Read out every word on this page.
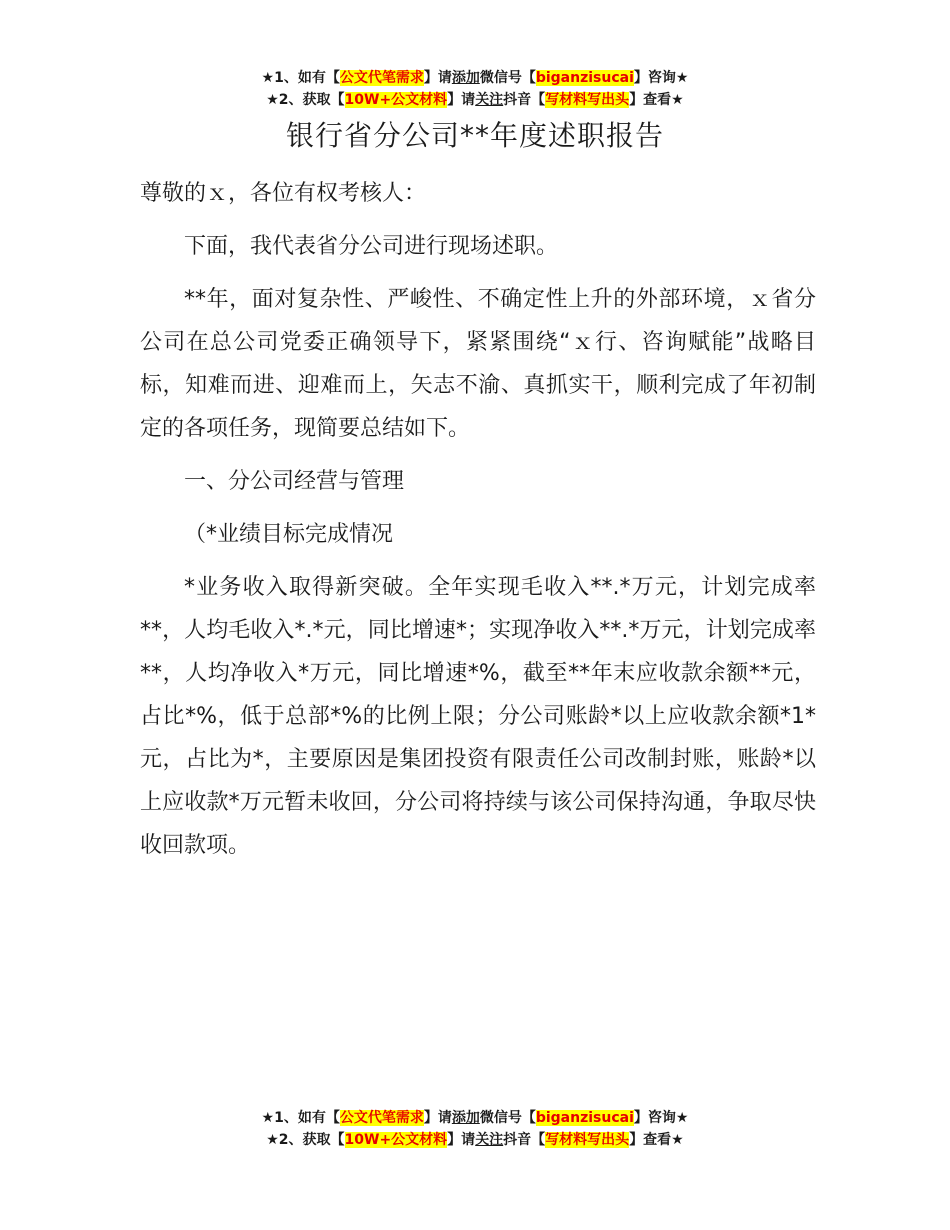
★1、如有【公文代笔需求】请添加微信号【biganzisucai】咨询★
★2、获取【10W+公文材料】请关注抖音【写材料写出头】查看★
银行省分公司**年度述职报告

尊敬的ｘ，各位有权考核人：

下面，我代表省分公司进行现场述职。

**年，面对复杂性、严峻性、不确定性上升的外部环境，ｘ省分公司在总公司党委正确领导下，紧紧围绕“ｘ行、咨询赋能”战略目标，知难而进、迎难而上，矢志不渝、真抓实干，顺利完成了年初制定的各项任务，现简要总结如下。

一、分公司经营与管理

（*业绩目标完成情况

*业务收入取得新突破。全年实现毛收入**.*万元，计划完成率**，人均毛收入*.*元，同比增速*；实现净收入**.*万元，计划完成率**，人均净收入*万元，同比增速*%，截至**年末应收款余额**元，占比*%，低于总部*%的比例上限；分公司账龄*以上应收款余额*1*元，占比为*，主要原因是集团投资有限责任公司改制封账，账龄*以上应收款*万元暂未收回，分公司将持续与该公司保持沟通，争取尽快收回款项。

★1、如有【公文代笔需求】请添加微信号【biganzisucai】咨询★
★2、获取【10W+公文材料】请关注抖音【写材料写出头】查看★
